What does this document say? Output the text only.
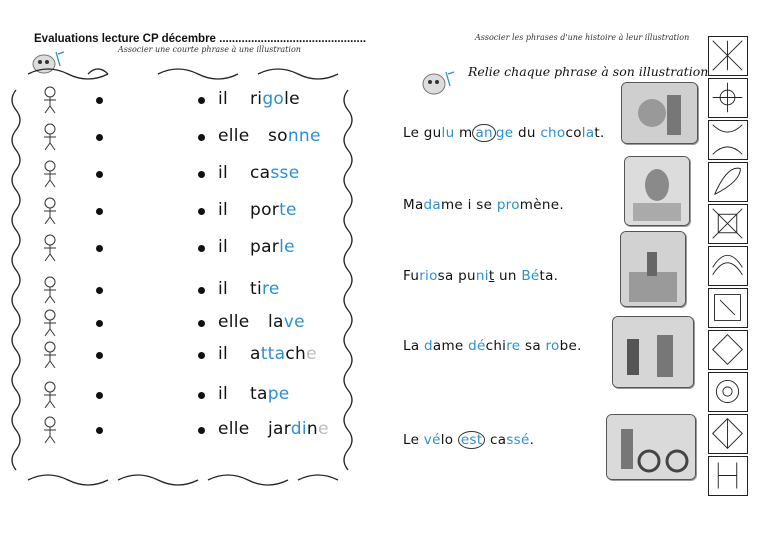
Evaluations lecture CP décembre ..............................................
Associer une courte phrase à une illustration
il rigole
elle sonne
il casse
il porte
il parle
il tire
elle lave
il attache
il tape
elle jardine
Associer les phrases d'une histoire à leur illustration
Relie chaque phrase à son illustration
Le gulu m an ge du chocolat.
Madame i se promène.
Furiosa punit un Béta.
La dame déchire sa robe.
Le vélo est cassé.
